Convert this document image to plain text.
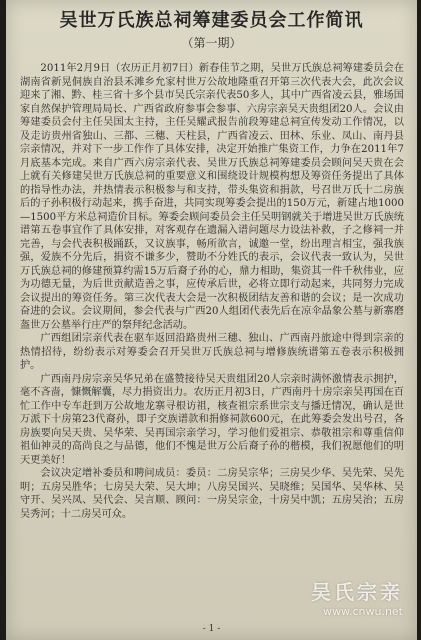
吴世万氏族总祠筹建委员会工作简讯
（第一期）

2011年2月9日（农历正月初7日）新春佳节之期，吴世万氏族总祠筹建委员会在湖南省新晃侗族自治县禾滩乡允家村世万公故地隆重召开第三次代表大会，此次会议迎来了湘、黔、桂三省十多个县市吴氏宗亲代表50多人，其中广西省凌云县，雅场国家自然保护管理局局长、广西省政府参事会参事、六房宗亲吴天贵组团20人。会议由筹建委员会付主任吴国太主持，主任吴耀武报告前段筹建总祠宣传发动工作情况，以及走访贵州省独山、三都、三穗、天柱县，广西省凌云、田林、乐业、凤山、南丹县宗亲情况，并对下一步工作作了具体安排，决定开始推广集资工作，力争在2011年7月底基本完成。来自广西六房宗亲代表、吴世万氏族总祠筹建委员会顾问吴天贵在会上就有关修建吴世万氏族总祠的重要意义和围绕设计规模构想及筹资任务提出了具体的指导性办法，并热情表示积极参与和支持，带头集资和捐款，号召世万氏十二房族后的子孙积极行动起来，携手奋进，共同实现筹委会提出的150万元，新建占地1000—1500平方米总祠造价目标。筹委会顾问委员会主任吴明钢就关于增进吴世万氏族统谱第五卷事宜作了具体安排，对客观存在遗漏入谱问题尽力设法补救，子之修祠一并完善，与会代表积极踊跃，又议族事，畅所欲言，诚邀一堂，纷出理言相宝，强我族强，爱族不分先后，捐资不谦多少，赞助不分姓氏的表示，会议代表一致认为，吴世万氏族总祠的修建预算约需15万后裔子孙的心，鼎力相助，集资其一件千秋伟业，应为功德无量，为后世贡献造善之事，应传承后世，必将立即行动起来，共同努力完成会议提出的筹资任务。第三次代表大会是一次积极团结友善和谐的会议；是一次成功奋进的会议。会议期间，参会代表与广西20人组团代表先后在凉伞晶象公墓与新寨磨盔世万公墓举行庄严的祭拜纪念活动。

广西组团宗亲代表在驱车返回沿路贵州三穗、独山、广西南丹旅途中得到宗亲的热情招待，纷纷表示对筹委会召开吴世万氏族总祠与增修族统谱第五卷表示积极拥护。

广西南丹房宗亲吴华兄弟在盛赞接待吴天贵组团20人宗亲时满怀激情表示拥护，毫不吝啬，慷慨解囊，尽力捐资出力。农历正月初3日，广西南丹十房宗亲吴再国在百忙工作中专车赶到万公故地龙寨寻根访祖，核查祖宗系世宗支与播迁情况，确认是世万派下十房第23代裔孙，即子交族谱款和捐修祠款600元，在此筹委会发出号召，各房族要向吴天贵、吴华荣、吴再国宗亲学习，学习他们爱祖宗、恭敬祖宗和尊重信仰祖仙神灵的高尚良之与品德，他们不愧是世万公后裔子孙的楷模，我们祝愿他们的明天更美好！

会议决定增补委员和聘问成员：委员：二房吴宗华；三房吴少华、吴先荣、吴先明；五房吴胜华；七房吴大荣、吴大坤；八房吴国兴、吴晓维；吴国华、吴华林、吴守开、吴兴凤、吴代会、吴言顺、顾问：一房吴宗金，十房吴中凯；五房吴治；五房吴秀河；十二房吴可众。

- 1 -
吴氏宗亲
www.cnwu.net
